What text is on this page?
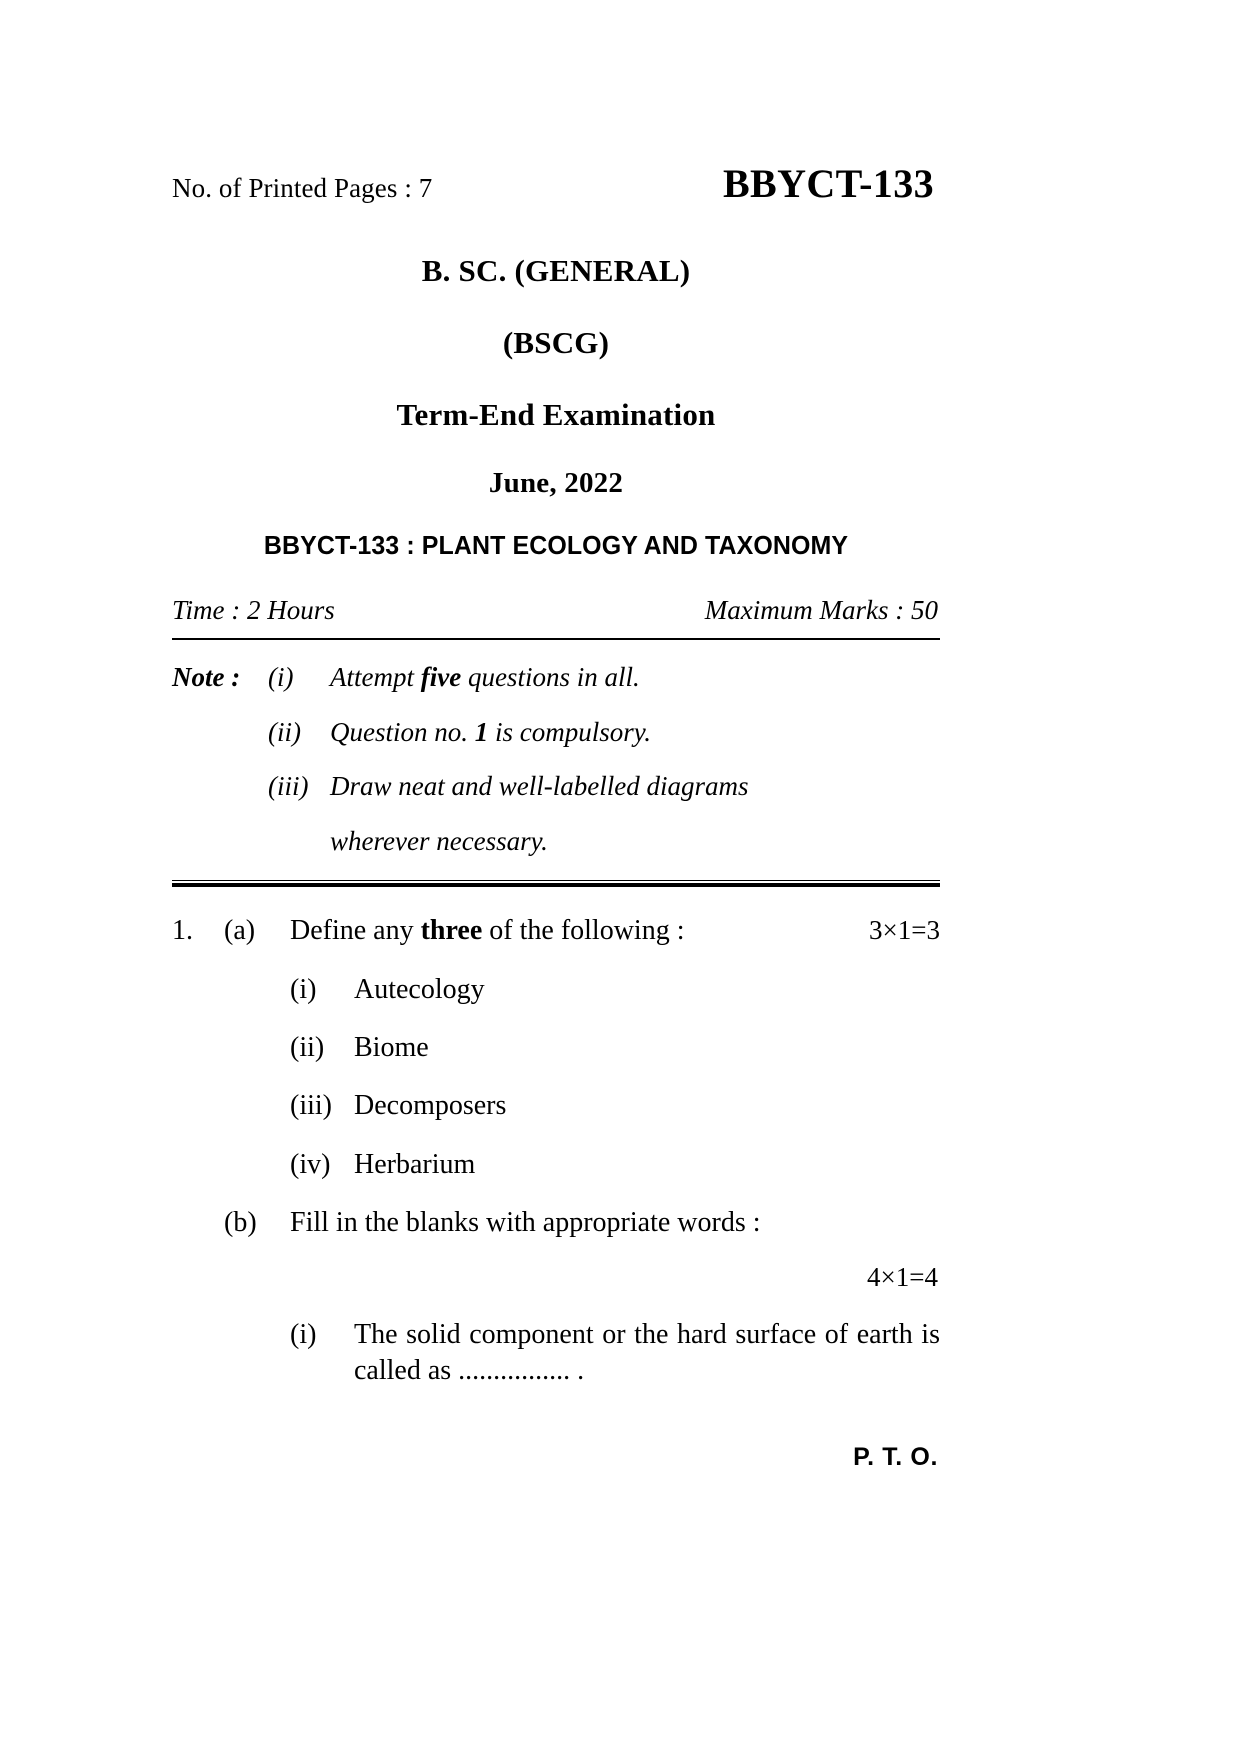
No. of Printed Pages : 7	BBYCT-133
B. SC. (GENERAL)
(BSCG)
Term-End Examination
June, 2022
BBYCT-133 : PLANT ECOLOGY AND TAXONOMY
Time : 2 Hours	Maximum Marks : 50
Note :	(i)	Attempt five questions in all.
(ii)	Question no. 1 is compulsory.
(iii) Draw neat and well-labelled diagrams
wherever necessary.
1.	(a)	Define any three of the following :	3×1=3
(i)	Autecology
(ii)	Biome
(iii) Decomposers
(iv) Herbarium
(b)	Fill in the blanks with appropriate words :
4×1=4
(i)	The solid component or the hard surface of earth is called as ................ .
P. T. O.
